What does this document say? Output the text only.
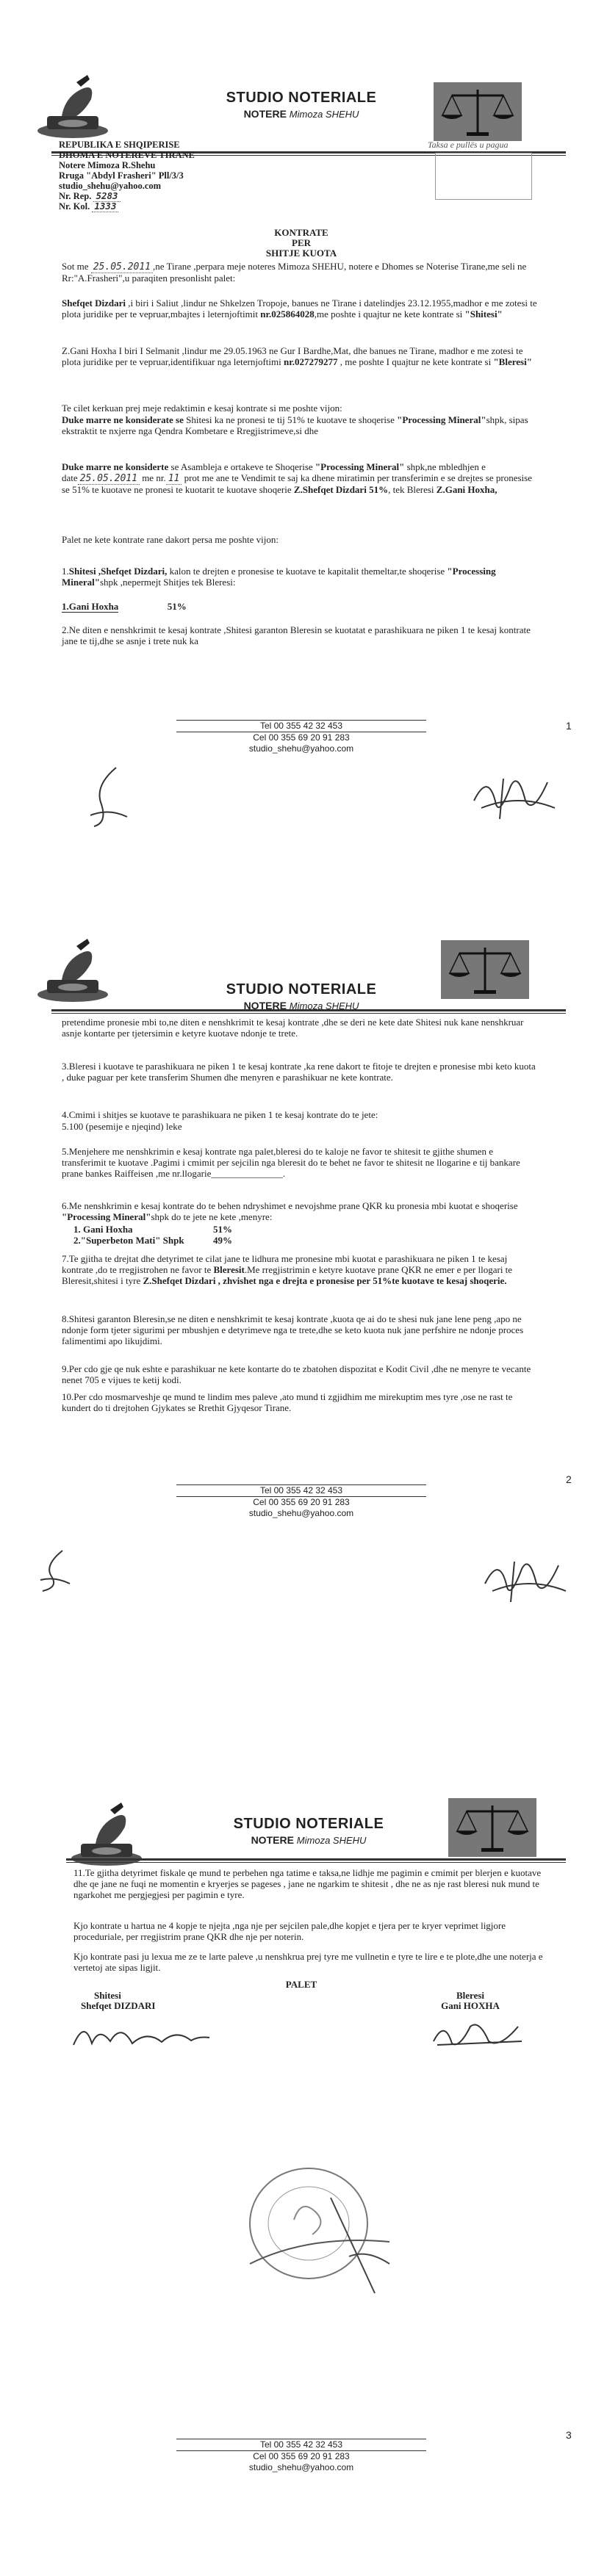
STUDIO NOTERIALE
NOTERE Mimoza SHEHU
REPUBLIKA E SHQIPERISE
DHOMA E NOTEREVE TIRANE
Notere Mimoza R.Shehu
Rruga "Abdyl Frasheri" Pll/3/3
studio_shehu@yahoo.com
Nr. Rep. 5283
Nr. Kol. 1333
Taksa e pullës u pagua
KONTRATE
PER
SHITJE KUOTA
Sot me 25.05.2011 ,ne Tirane ,perpara meje noteres Mimoza SHEHU, notere e Dhomes se Noterise Tirane,me seli ne Rr:"A.Frasheri",u paraqiten presonlisht palet:
Shefqet Dizdari ,i biri i Saliut ,lindur ne Shkelzen Tropoje, banues ne Tirane i datelindjes 23.12.1955,madhor e me zotesi te plota juridike per te vepruar,mbajtes i leternjoftimit nr.025864028,me poshte i quajtur ne kete kontrate si "Shitesi"
Z.Gani Hoxha I biri I Selmanit ,lindur me 29.05.1963 ne Gur I Bardhe,Mat, dhe banues ne Tirane, madhor e me zotesi te plota juridike per te vepruar,identifikuar nga leternjoftimi nr.027279277 , me poshte I quajtur ne kete kontrate si "Bleresi"
Te cilet kerkuan prej meje redaktimin e kesaj kontrate si me poshte vijon:
Duke marre ne konsiderate se Shitesi ka ne pronesi te tij 51% te kuotave te shoqerise "Processing Mineral"shpk, sipas ekstraktit te nxjerre nga Qendra Kombetare e Rregjistrimeve,si dhe
Duke marre ne konsiderte se Asambleja e ortakeve te Shoqerise "Processing Mineral" shpk,ne mbledhjen e date 25.05.2011 me nr. 11 prot me ane te Vendimit te saj ka dhene miratimin per transferimin e se drejtes se pronesise se 51% te kuotave ne pronesi te kuotarit te kuotave shoqerie Z.Shefqet Dizdari 51%, tek Bleresi Z.Gani Hoxha,
Palet ne kete kontrate rane dakort persa me poshte vijon:
1.Shitesi ,Shefqet Dizdari, kalon te drejten e pronesise te kuotave te kapitalit themeltar,te shoqerise "Processing Mineral"shpk ,nepermejt Shitjes tek Bleresi:
1.Gani Hoxha	51%
2.Ne diten e nenshkrimit te kesaj kontrate ,Shitesi garanton Bleresin se kuotatat e parashikuara ne piken 1 te kesaj kontrate jane te tij,dhe se asnje i trete nuk ka
Tel 00 355 42 32 453
Cel 00 355 69 20 91 283
studio_shehu@yahoo.com
1
STUDIO NOTERIALE
NOTERE Mimoza SHEHU
pretendime pronesie mbi to,ne diten e nenshkrimit te kesaj kontrate ,dhe se deri ne kete date Shitesi nuk kane nenshkruar asnje kontarte per tjetersimin e ketyre kuotave ndonje te trete.
3.Bleresi i kuotave te parashikuara ne piken 1 te kesaj kontrate ,ka rene dakort te fitoje te drejten e pronesise mbi keto kuota , duke paguar per kete transferim Shumen dhe menyren e parashikuar ne kete kontrate.
4.Cmimi i shitjes se kuotave te parashikuara ne piken 1 te kesaj kontrate do te jete:
5.100 (pesemije e njeqind) leke
5.Menjehere me nenshkrimin e kesaj kontrate nga palet,bleresi do te kaloje ne favor te shitesit te gjithe shumen e transferimit te kuotave .Pagimi i cmimit per sejcilin nga bleresit do te behet ne favor te shitesit ne llogarine e tij bankare prane bankes Raiffeisen ,me nr.llogarie_______________.
6.Me nenshkrimin e kesaj kontrate do te behen ndryshimet e nevojshme prane QKR ku pronesia mbi kuotat e shoqerise "Processing Mineral"shpk do te jete ne kete ,menyre:
1. Gani Hoxha	51%
2."Superbeton Mati" Shpk	49%
7.Te gjitha te drejtat dhe detyrimet te cilat jane te lidhura me pronesine mbi kuotat e parashikuara ne piken 1 te kesaj kontrate ,do te rregjistrohen ne favor te Bleresit.Me rregjistrimin e ketyre kuotave prane QKR ne emer e per llogari te Bleresit,shitesi i tyre Z.Shefqet Dizdari , zhvishet nga e drejta e pronesise per 51%te kuotave te kesaj shoqerie.
8.Shitesi garanton Bleresin,se ne diten e nenshkrimit te kesaj kontrate ,kuota qe ai do te shesi nuk jane lene peng ,apo ne ndonje form tjeter sigurimi per mbushjen e detyrimeve nga te trete,dhe se keto kuota nuk jane perfshire ne ndonje proces falimentimi apo likujdimi.
9.Per cdo gje qe nuk eshte e parashikuar ne kete kontarte do te zbatohen dispozitat e Kodit Civil ,dhe ne menyre te vecante nenet 705 e vijues te ketij kodi.
10.Per cdo mosmarveshje qe mund te lindim mes paleve ,ato mund ti zgjidhim me mirekuptim mes tyre ,ose ne rast te kundert do ti drejtohen Gjykates se Rrethit Gjyqesor Tirane.
Tel 00 355 42 32 453
Cel 00 355 69 20 91 283
studio_shehu@yahoo.com
2
STUDIO NOTERIALE
NOTERE Mimoza SHEHU
11.Te gjitha detyrimet fiskale qe mund te perbehen nga tatime e taksa,ne lidhje me pagimin e cmimit per blerjen e kuotave dhe qe jane ne fuqi ne momentin e kryerjes se pageses , jane ne ngarkim te shitesit , dhe ne as nje rast bleresi nuk mund te ngarkohet me pergjegjesi per pagimin e tyre.
Kjo kontrate u hartua ne 4 kopje te njejta ,nga nje per sejcilen pale,dhe kopjet e tjera per te kryer veprimet ligjore proceduriale, per rregjistrim prane QKR dhe nje per noterin.
Kjo kontrate pasi ju lexua me ze te larte paleve ,u nenshkrua prej tyre me vullnetin e tyre te lire e te plote,dhe une noterja e vertetoj ate sipas ligjit.
PALET
Shitesi
Shefqet DIZDARI
Bleresi
Gani HOXHA
Tel 00 355 42 32 453
Cel 00 355 69 20 91 283
studio_shehu@yahoo.com
3
